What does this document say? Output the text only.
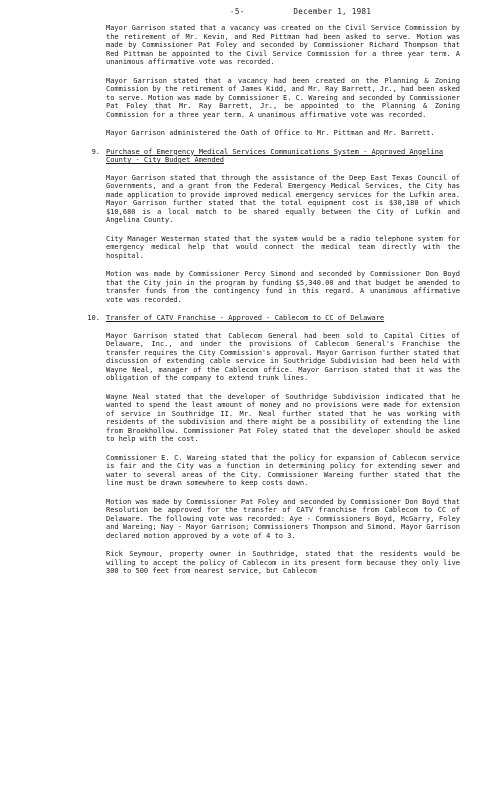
-5-	December 1, 1981

Mayor Garrison stated that a vacancy was created on the Civil Service Commission by the retirement of Mr. Kevin, and Red Pittman had been asked to serve. Motion was made by Commissioner Pat Foley and seconded by Commissioner Richard Thompson that Red Pittman be appointed to the Civil Service Commission for a three year term. A unanimous affirmative vote was recorded.

Mayor Garrison stated that a vacancy had been created on the Planning & Zoning Commission by the retirement of James Kidd, and Mr. Ray Barrett, Jr., had been asked to serve. Motion was made by Commissioner E. C. Wareing and seconded by Commissioner Pat Foley that Mr. Ray Barrett, Jr., be appointed to the Planning & Zoning Commission for a three year term. A unanimous affirmative vote was recorded.

Mayor Garrison administered the Oath of Office to Mr. Pittman and Mr. Barrett.

9. Purchase of Emergency Medical Services Communications System - Approved Angelina County - City Budget Amended

Mayor Garrison stated that through the assistance of the Deep East Texas Council of Governments, and a grant from the Federal Emergency Medical Services, the City has made application to provide improved medical emergency services for the Lufkin area. Mayor Garrison further stated that the total equipment cost is $30,180 of which $10,680 is a local match to be shared equally between the City of Lufkin and Angelina County.

City Manager Westerman stated that the system would be a radio telephone system for emergency medical help that would connect the medical team directly with the hospital.

Motion was made by Commissioner Percy Simond and seconded by Commissioner Don Boyd that the City join in the program by funding $5,340.00 and that budget be amended to transfer funds from the contingency fund in this regard. A unanimous affirmative vote was recorded.

10. Transfer of CATV Franchise - Approved - Cablecom to CC of Delaware

Mayor Garrison stated that Cablecom General had been sold to Capital Cities of Delaware, Inc., and under the provisions of Cablecom General's Franchise the transfer requires the City Commission's approval. Mayor Garrison further stated that discussion of extending cable service in Southridge Subdivision had been held with Wayne Neal, manager of the Cablecom office. Mayor Garrison stated that it was the obligation of the company to extend trunk lines.

Wayne Neal stated that the developer of Southridge Subdivision indicated that he wanted to spend the least amount of money and no provisions were made for extension of service in Southridge II. Mr. Neal further stated that he was working with residents of the subdivision and there might be a possibility of extending the line from Brookhollow. Commissioner Pat Foley stated that the developer should be asked to help with the cost.

Commissioner E. C. Wareing stated that the policy for expansion of Cablecom service is fair and the City was a function in determining policy for extending sewer and water to several areas of the City. Commissioner Wareing further stated that the line must be drawn somewhere to keep costs down.

Motion was made by Commissioner Pat Foley and seconded by Commissioner Don Boyd that Resolution be approved for the transfer of CATV franchise from Cablecom to CC of Delaware. The following vote was recorded: Aye - Commissioners Boyd, McGarry, Foley and Wareing; Nay - Mayor Garrison; Commissioners Thompson and Simond. Mayor Garrison declared motion approved by a vote of 4 to 3.

Rick Seymour, property owner in Southridge, stated that the residents would be willing to accept the policy of Cablecom in its present form because they only live 300 to 500 feet from nearest service, but Cablecom
